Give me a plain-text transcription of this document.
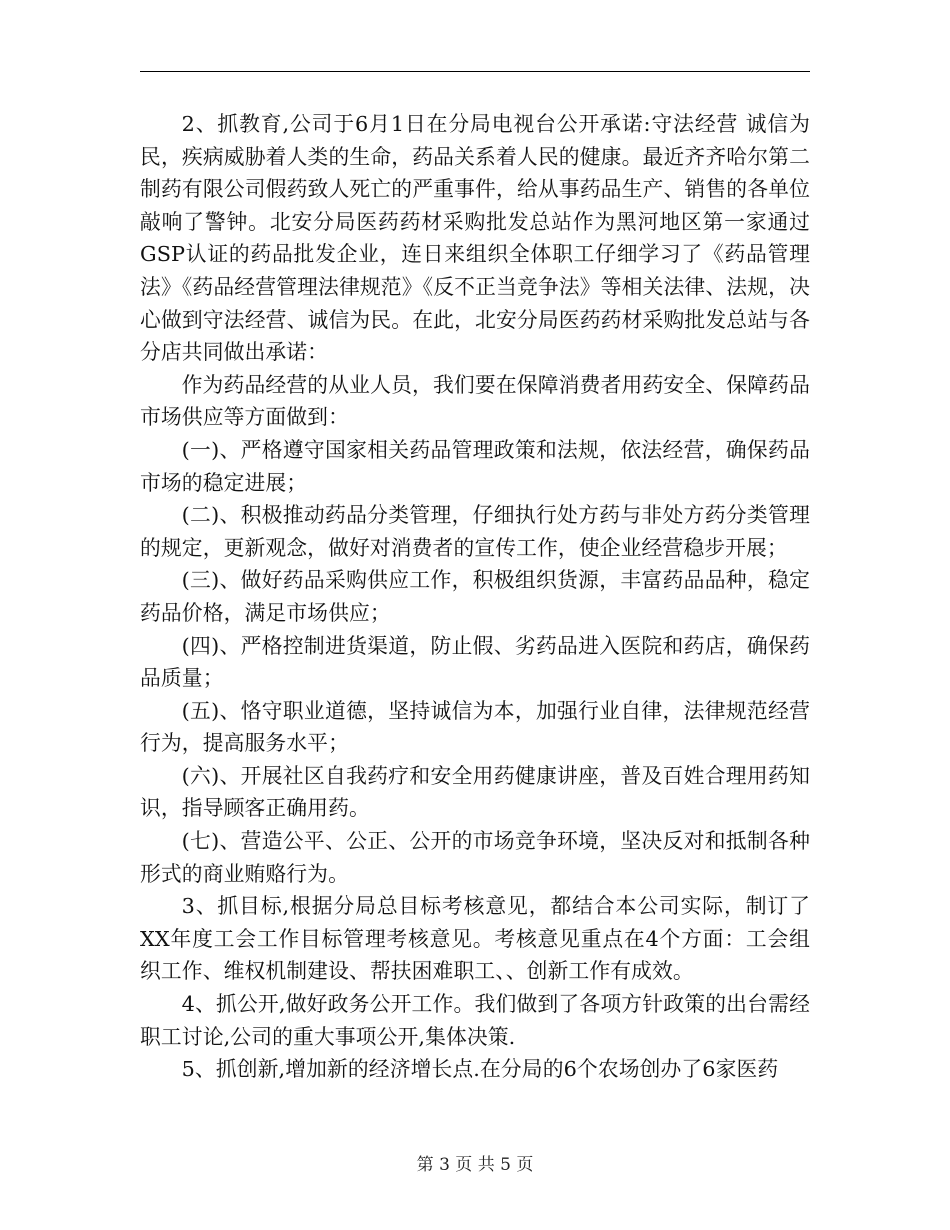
2、抓教育,公司于6月1日在分局电视台公开承诺:守法经营 诚信为民，疾病威胁着人类的生命，药品关系着人民的健康。最近齐齐哈尔第二制药有限公司假药致人死亡的严重事件，给从事药品生产、销售的各单位敲响了警钟。北安分局医药药材采购批发总站作为黑河地区第一家通过GSP认证的药品批发企业，连日来组织全体职工仔细学习了《药品管理法》《药品经营管理法律规范》《反不正当竞争法》等相关法律、法规，决心做到守法经营、诚信为民。在此，北安分局医药药材采购批发总站与各分店共同做出承诺：

作为药品经营的从业人员，我们要在保障消费者用药安全、保障药品市场供应等方面做到：

(一)、严格遵守国家相关药品管理政策和法规，依法经营，确保药品市场的稳定进展；

(二)、积极推动药品分类管理，仔细执行处方药与非处方药分类管理的规定，更新观念，做好对消费者的宣传工作，使企业经营稳步开展；

(三)、做好药品采购供应工作，积极组织货源，丰富药品品种，稳定药品价格，满足市场供应；

(四)、严格控制进货渠道，防止假、劣药品进入医院和药店，确保药品质量；

(五)、恪守职业道德，坚持诚信为本，加强行业自律，法律规范经营行为，提高服务水平；

(六)、开展社区自我药疗和安全用药健康讲座，普及百姓合理用药知识，指导顾客正确用药。

(七)、营造公平、公正、公开的市场竞争环境，坚决反对和抵制各种形式的商业贿赂行为。

3、抓目标,根据分局总目标考核意见，都结合本公司实际，制订了XX年度工会工作目标管理考核意见。考核意见重点在4个方面：工会组织工作、维权机制建设、帮扶困难职工、、创新工作有成效。

4、抓公开,做好政务公开工作。我们做到了各项方针政策的出台需经职工讨论,公司的重大事项公开,集体决策.

5、抓创新,增加新的经济增长点.在分局的6个农场创办了6家医药

第 3 页 共 5 页
